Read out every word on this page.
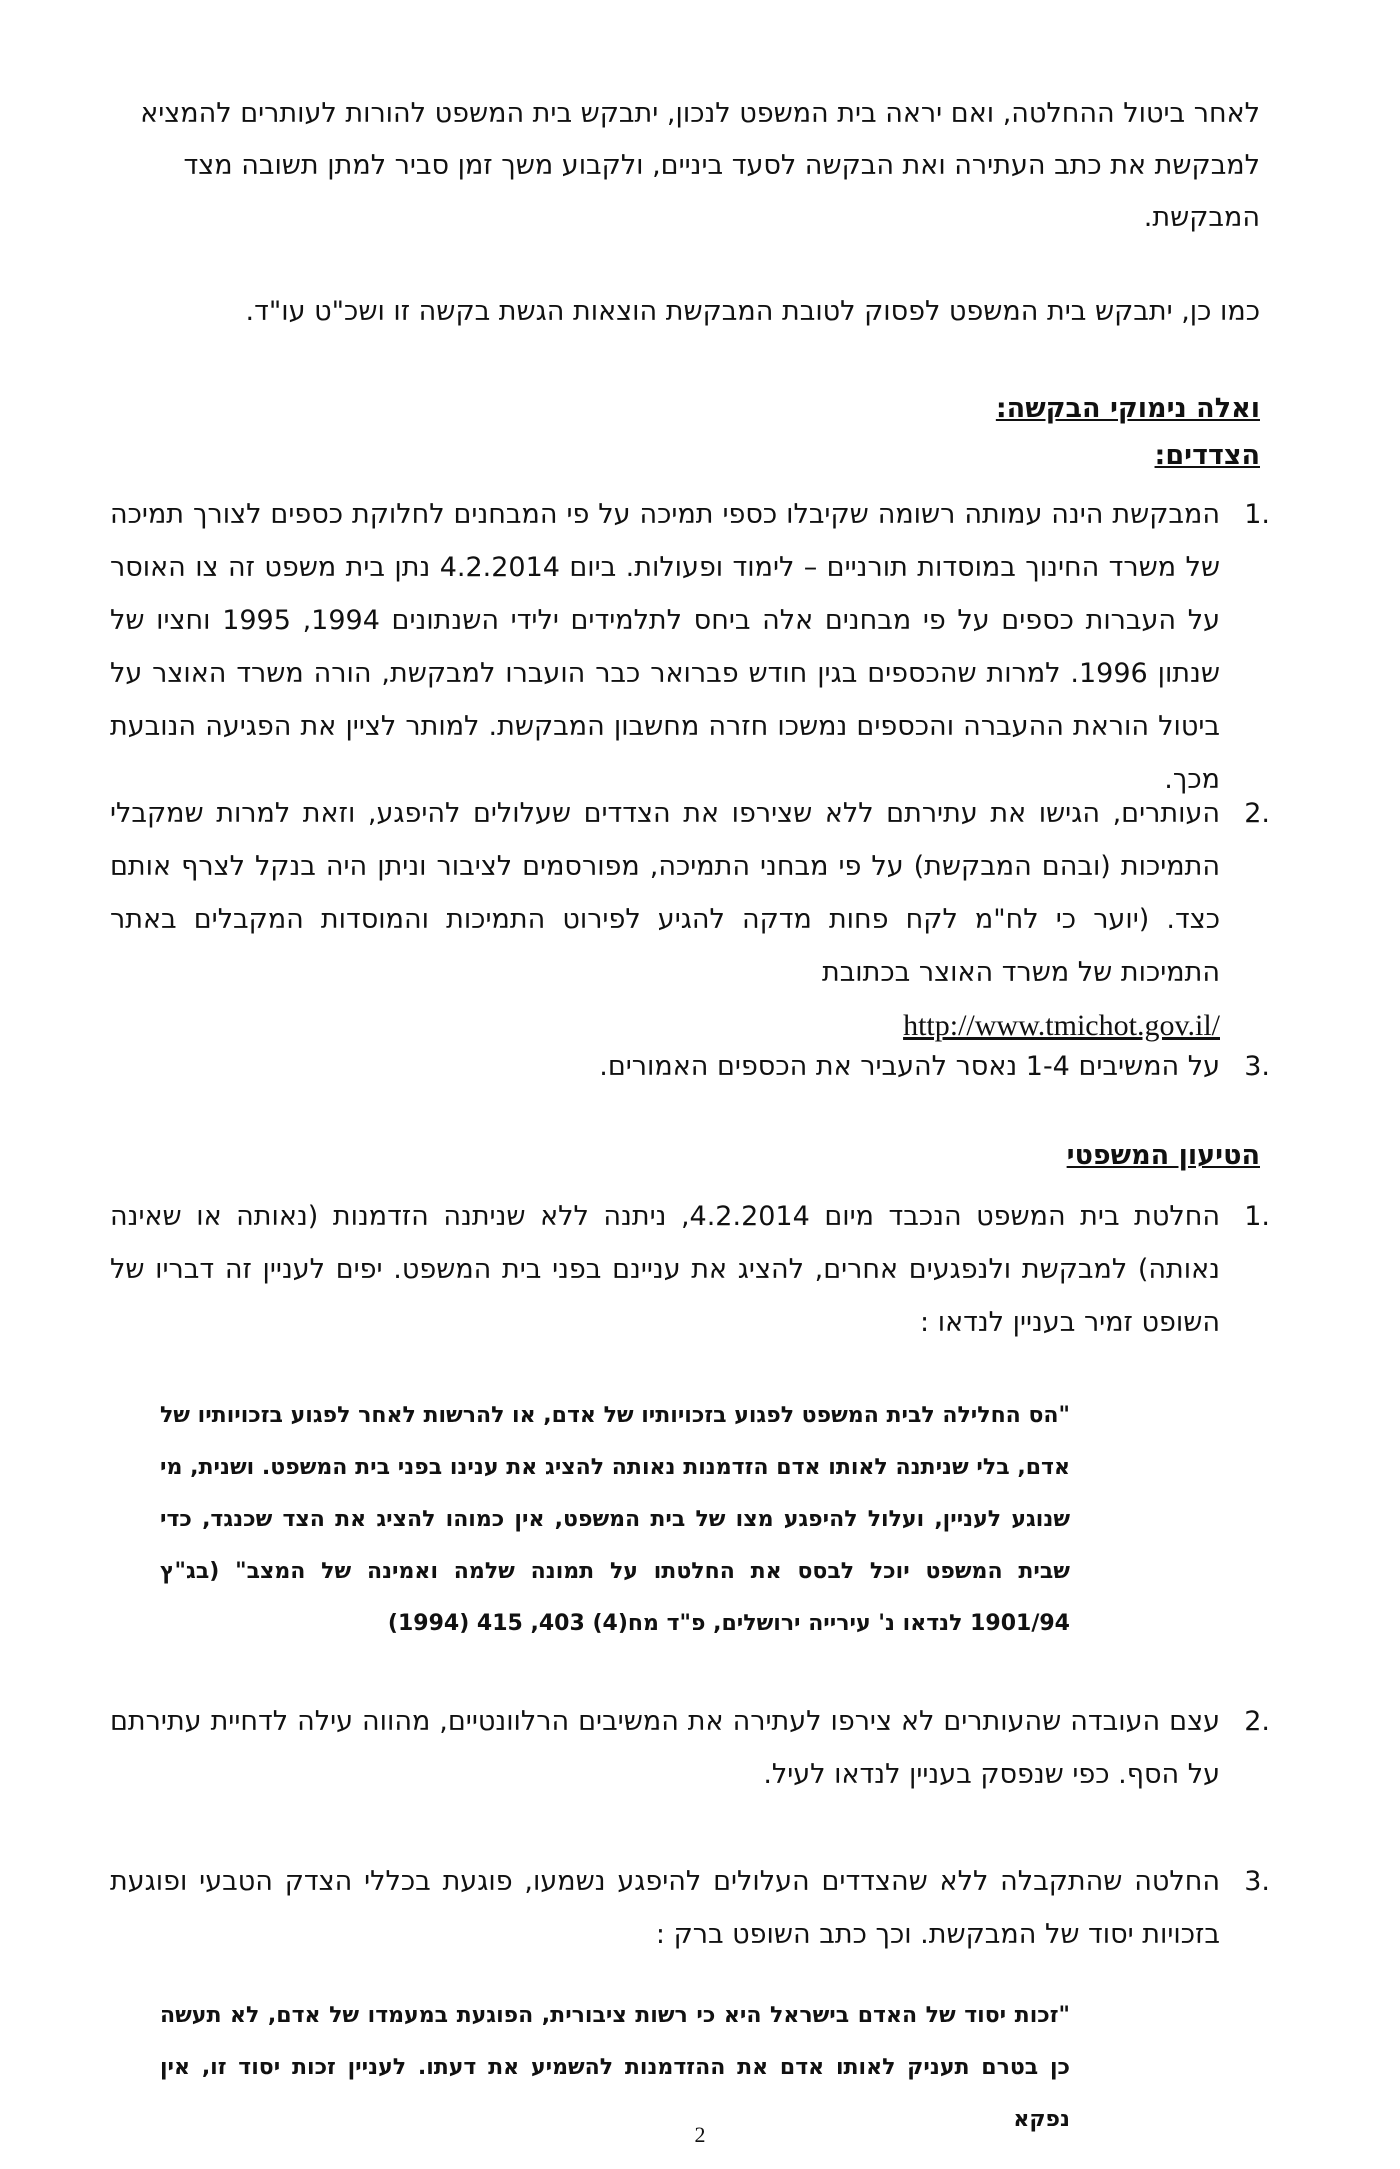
לאחר ביטול ההחלטה, ואם יראה בית המשפט לנכון, יתבקש בית המשפט להורות לעותרים להמציא למבקשת את כתב העתירה ואת הבקשה לסעד ביניים, ולקבוע משך זמן סביר למתן תשובה מצד המבקשת.

כמו כן, יתבקש בית המשפט לפסוק לטובת המבקשת הוצאות הגשת בקשה זו ושכ"ט עו"ד.

ואלה נימוקי הבקשה:

הצדדים:

.1
המבקשת הינה עמותה רשומה שקיבלו כספי תמיכה על פי המבחנים לחלוקת כספים לצורך תמיכה של משרד החינוך במוסדות תורניים – לימוד ופעולות. ביום 4.2.2014 נתן בית משפט זה צו האוסר על העברות כספים על פי מבחנים אלה ביחס לתלמידים ילידי השנתונים 1994, 1995 וחציו של שנתון 1996. למרות שהכספים בגין חודש פברואר כבר הועברו למבקשת, הורה משרד האוצר על ביטול הוראת ההעברה והכספים נמשכו חזרה מחשבון המבקשת. למותר לציין את הפגיעה הנובעת מכך.
.2
העותרים, הגישו את עתירתם ללא שצירפו את הצדדים שעלולים להיפגע, וזאת למרות שמקבלי התמיכות (ובהם המבקשת) על פי מבחני התמיכה, מפורסמים לציבור וניתן היה בנקל לצרף אותם כצד. (יוער כי לח"מ לקח פחות מדקה להגיע לפירוט התמיכות והמוסדות המקבלים באתר התמיכות של משרד האוצר בכתובת
http://www.tmichot.gov.il/
.3
על המשיבים 1-4 נאסר להעביר את הכספים האמורים.

הטיעון המשפטי

.1
החלטת בית המשפט הנכבד מיום 4.2.2014, ניתנה ללא שניתנה הזדמנות (נאותה או שאינה נאותה) למבקשת ולנפגעים אחרים, להציג את עניינם בפני בית המשפט. יפים לעניין זה דבריו של השופט זמיר בעניין לנדאו :

"הס החלילה לבית המשפט לפגוע בזכויותיו של אדם, או להרשות לאחר לפגוע בזכויותיו של אדם, בלי שניתנה לאותו אדם הזדמנות נאותה להציג את ענינו בפני בית המשפט. ושנית, מי שנוגע לעניין, ועלול להיפגע מצו של בית המשפט, אין כמוהו להציג את הצד שכנגד, כדי שבית המשפט יוכל לבסס את החלטתו על תמונה שלמה ואמינה של המצב" (בג"ץ 1901/94 לנדאו נ' עירייה ירושלים, פ"ד מח(4) 403, 415 (1994)

.2
עצם העובדה שהעותרים לא צירפו לעתירה את המשיבים הרלוונטיים, מהווה עילה לדחיית עתירתם על הסף. כפי שנפסק בעניין לנדאו לעיל.
.3
החלטה שהתקבלה ללא שהצדדים העלולים להיפגע נשמעו, פוגעת בכללי הצדק הטבעי ופוגעת בזכויות יסוד של המבקשת. וכך כתב השופט ברק :

"זכות יסוד של האדם בישראל היא כי רשות ציבורית, הפוגעת במעמדו של אדם, לא תעשה כן בטרם תעניק לאותו אדם את ההזדמנות להשמיע את דעתו. לעניין זכות יסוד זו, אין נפקא

2
